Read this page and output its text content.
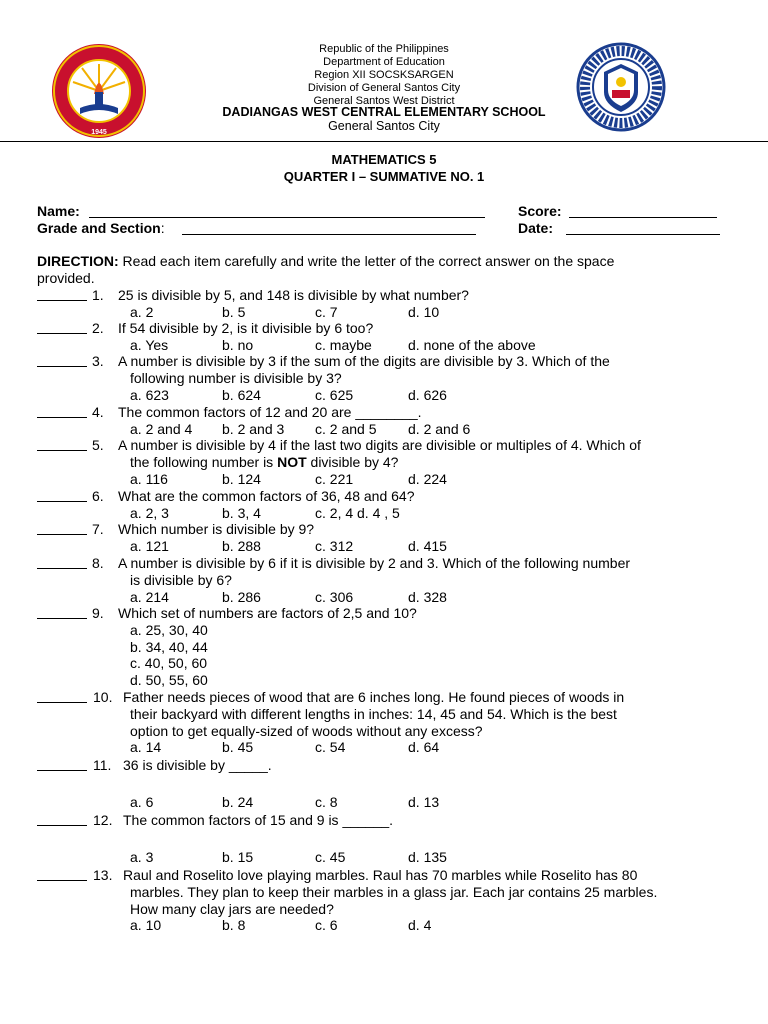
1945
Republic of the Philippines
Department of Education
Region XII SOCSKSARGEN
Division of General Santos City
General Santos West District
DADIANGAS WEST CENTRAL ELEMENTARY SCHOOL
General Santos City
MATHEMATICS 5
QUARTER I – SUMMATIVE NO. 1
Name:	Score:
Grade and Section:	Date:
DIRECTION: Read each item carefully and write the letter of the correct answer on the space
provided.
1. 25 is divisible by 5, and 148 is divisible by what number?
a. 2	b. 5	c. 7	d. 10
2. If 54 divisible by 2, is it divisible by 6 too?
a. Yes	b. no	c. maybe	d. none of the above
3. A number is divisible by 3 if the sum of the digits are divisible by 3. Which of the
following number is divisible by 3?
a. 623	b. 624	c. 625	d. 626
4. The common factors of 12 and 20 are ________.
a. 2 and 4 b. 2 and 3 c. 2 and 5 d. 2 and 6
5. A number is divisible by 4 if the last two digits are divisible or multiples of 4. Which of
the following number is NOT divisible by 4?
a. 116	b. 124	c. 221	d. 224
6. What are the common factors of 36, 48 and 64?
a. 2, 3	b. 3, 4	c. 2, 4 d. 4 , 5
7. Which number is divisible by 9?
a. 121	b. 288	c. 312	d. 415
8. A number is divisible by 6 if it is divisible by 2 and 3. Which of the following number
is divisible by 6?
a. 214	b. 286	c. 306	d. 328
9. Which set of numbers are factors of 2,5 and 10?
a. 25, 30, 40
b. 34, 40, 44
c. 40, 50, 60
d. 50, 55, 60
10. Father needs pieces of wood that are 6 inches long. He found pieces of woods in
their backyard with different lengths in inches: 14, 45 and 54. Which is the best
option to get equally-sized of woods without any excess?
a. 14	b. 45	c. 54	d. 64
11. 36 is divisible by _____.
a. 6	b. 24	c. 8	d. 13
12. The common factors of 15 and 9 is ______.
a. 3	b. 15	c. 45	d. 135
13. Raul and Roselito love playing marbles. Raul has 70 marbles while Roselito has 80
marbles. They plan to keep their marbles in a glass jar. Each jar contains 25 marbles.
How many clay jars are needed?
a. 10	b. 8	c. 6	d. 4
